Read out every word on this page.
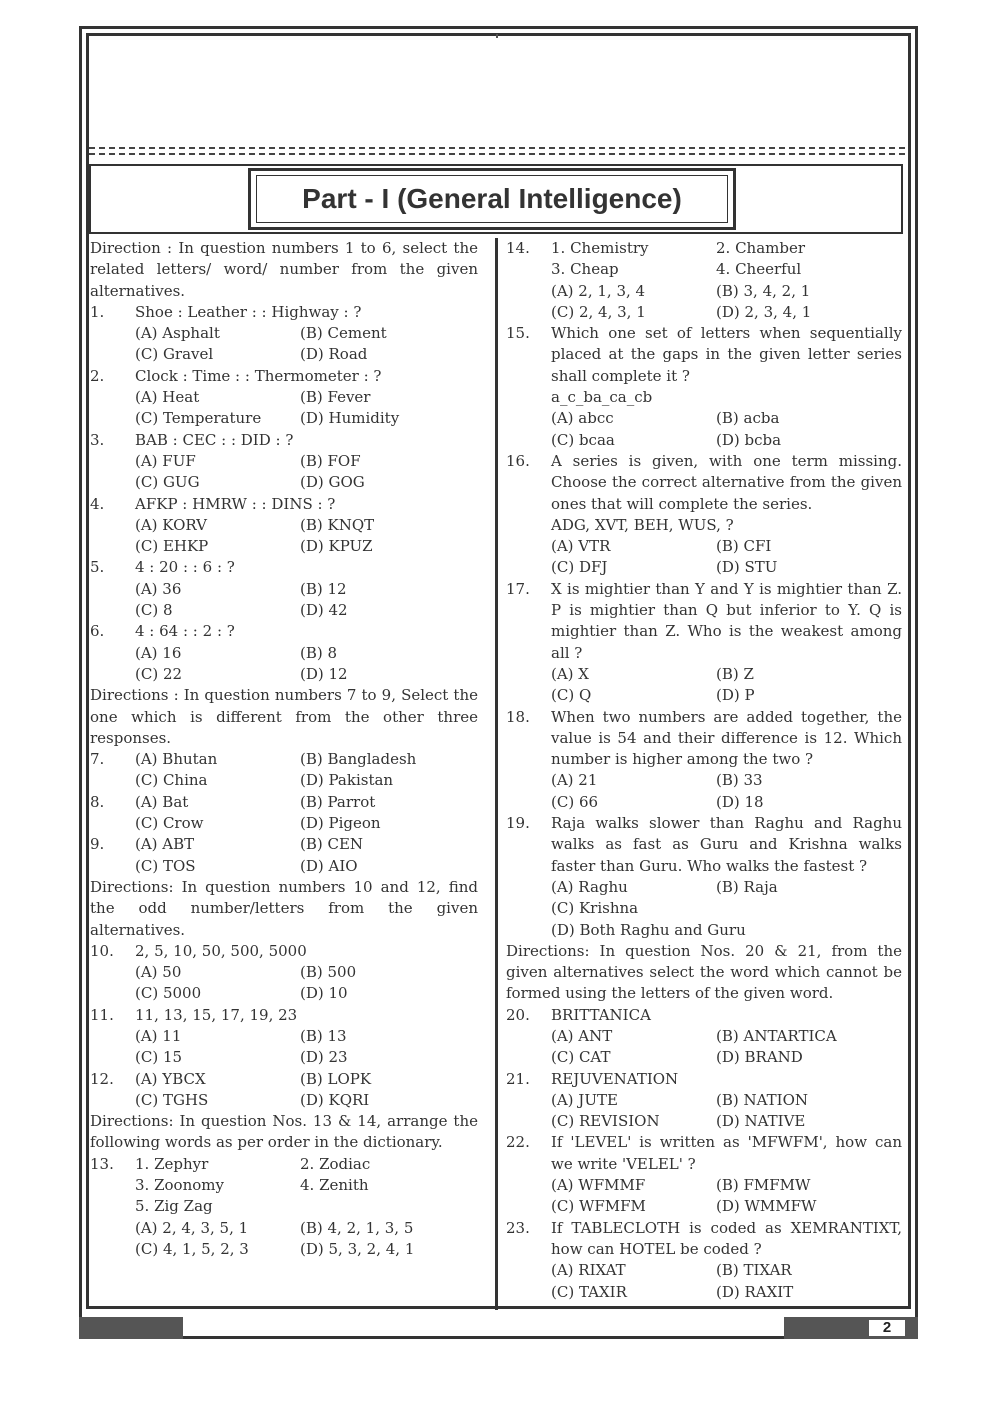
Part - I (General Intelligence)
Direction : In question numbers 1 to 6, select the related letters/ word/ number from the given alternatives.
1. Shoe : Leather : : Highway : ?
(A) Asphalt	(B) Cement
(C) Gravel	(D) Road
2. Clock : Time : : Thermometer : ?
(A) Heat	(B) Fever
(C) Temperature	(D) Humidity
3. BAB : CEC : : DID : ?
(A) FUF	(B) FOF
(C) GUG	(D) GOG
4. AFKP : HMRW : : DINS : ?
(A) KORV	(B) KNQT
(C) EHKP	(D) KPUZ
5. 4 : 20 : : 6 : ?
(A) 36	(B) 12
(C) 8	(D) 42
6. 4 : 64 : : 2 : ?
(A) 16	(B) 8
(C) 22	(D) 12
Directions : In question numbers 7 to 9, Select the one which is different from the other three responses.
7. (A) Bhutan	(B) Bangladesh
(C) China	(D) Pakistan
8. (A) Bat	(B) Parrot
(C) Crow	(D) Pigeon
9. (A) ABT	(B) CEN
(C) TOS	(D) AIO
Directions: In question numbers 10 and 12, find the odd number/letters from the given alternatives.
10. 2, 5, 10, 50, 500, 5000
(A) 50	(B) 500
(C) 5000	(D) 10
11. 11, 13, 15, 17, 19, 23
(A) 11	(B) 13
(C) 15	(D) 23
12. (A) YBCX	(B) LOPK
(C) TGHS	(D) KQRI
Directions: In question Nos. 13 & 14, arrange the following words as per order in the dictionary.
13. 1. Zephyr	2. Zodiac
3. Zoonomy	4. Zenith
5. Zig Zag
(A) 2, 4, 3, 5, 1	(B) 4, 2, 1, 3, 5
(C) 4, 1, 5, 2, 3	(D) 5, 3, 2, 4, 1
14. 1. Chemistry	2. Chamber
3. Cheap	4. Cheerful
(A) 2, 1, 3, 4	(B) 3, 4, 2, 1
(C) 2, 4, 3, 1	(D) 2, 3, 4, 1
15. Which one set of letters when sequentially placed at the gaps in the given letter series shall complete it ?
a_c_ba_ca_cb
(A) abcc	(B) acba
(C) bcaa	(D) bcba
16. A series is given, with one term missing. Choose the correct alternative from the given ones that will complete the series.
ADG, XVT, BEH, WUS, ?
(A) VTR	(B) CFI
(C) DFJ	(D) STU
17. X is mightier than Y and Y is mightier than Z. P is mightier than Q but inferior to Y. Q is mightier than Z. Who is the weakest among all ?
(A) X	(B) Z
(C) Q	(D) P
18. When two numbers are added together, the value is 54 and their difference is 12. Which number is higher among the two ?
(A) 21	(B) 33
(C) 66	(D) 18
19. Raja walks slower than Raghu and Raghu walks as fast as Guru and Krishna walks faster than Guru. Who walks the fastest ?
(A) Raghu	(B) Raja
(C) Krishna
(D) Both Raghu and Guru
Directions: In question Nos. 20 & 21, from the given alternatives select the word which cannot be formed using the letters of the given word.
20. BRITTANICA
(A) ANT	(B) ANTARTICA
(C) CAT	(D) BRAND
21. REJUVENATION
(A) JUTE	(B) NATION
(C) REVISION	(D) NATIVE
22. If 'LEVEL' is written as 'MFWFM', how can we write 'VELEL' ?
(A) WFMMF	(B) FMFMW
(C) WFMFM	(D) WMMFW
23. If TABLECLOTH is coded as XEMRANTIXT, how can HOTEL be coded ?
(A) RIXAT	(B) TIXAR
(C) TAXIR	(D) RAXIT
2
